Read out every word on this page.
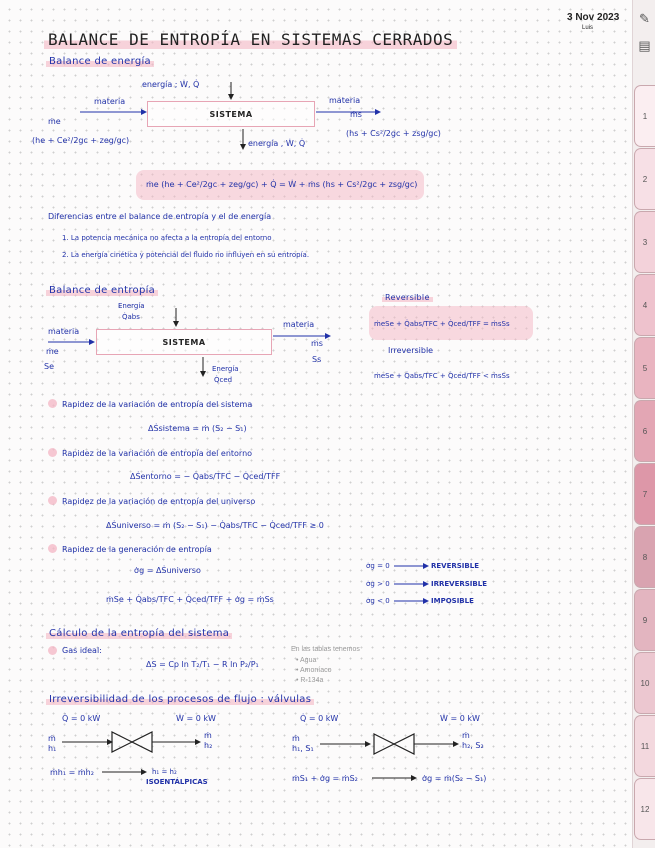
3 Nov 2023
Luis
BALANCE DE ENTROPÍA EN SISTEMAS CERRADOS
Balance de energía
energía ; Ẇ, Q̇
materia
ṁe
SISTEMA
materia
ṁs
energía , Ẇ, Q̇
(he + Ce²/2gc + zeg/gc)
(hs + Cs²/2gc + zsg/gc)
ṁe (he + Ce²/2gc + zeg/gc) + Q̇ = Ẇ + ṁs (hs + Cs²/2gc + zsg/gc)
Diferencias entre el balance de entropía y el de energía
1. La potencia mecánica no afecta a la entropía del entorno
2. La energía cinética y potencial del fluido no influyen en su entropía.
Balance de entropía
Energía
Q̇abs
materia
ṁe
Se
SISTEMA
materia
ṁs
Ss
Energía
Q̇ced
Reversible
ṁeSe + Q̇abs/TFC + Q̇ced/TFF = ṁsSs
Irreversible
ṁeSe + Q̇abs/TFC + Q̇ced/TFF < ṁsSs
Rapidez de la variación de entropía del sistema
ΔṠsistema = ṁ (S₂ − S₁)
Rapidez de la variación de entropía del entorno
ΔṠentorno = − Q̇abs/TFC − Q̇ced/TFF
Rapidez de la variación de entropía del universo
ΔṠuniverso = ṁ (S₂ − S₁) − Q̇abs/TFC − Q̇ced/TFF ≥ 0
Rapidez de la generación de entropía
σ̇g = ΔṠuniverso
ṁSe + Q̇abs/TFC + Q̇ced/TFF + σ̇g = ṁSs
σ̇g = 0	REVERSIBLE
σ̇g > 0	IRREVERSIBLE
σ̇g < 0	IMPOSIBLE
Cálculo de la entropía del sistema
Gas ideal:
ΔS = Cp ln T₂/T₁ − R ln P₂/P₁
En las tablas tenemos
• Agua
• Amoníaco
• R-134a
Irreversibilidad de los procesos de flujo : válvulas
Q̇ = 0 kW	Ẇ = 0 kW
ṁ
h₁
ṁ
h₂
ṁh₁ = ṁh₂	h₁ = h₂
ISOENTÁLPICAS
Q̇ = 0 kW	Ẇ = 0 kW
ṁ
h₁, S₁
ṁ
h₂, S₂
ṁS₁ + σ̇g = ṁS₂	σ̇g = ṁ(S₂ − S₁)
✎
▤
1
2
3
4
5
6
7
8
9
10
11
12
